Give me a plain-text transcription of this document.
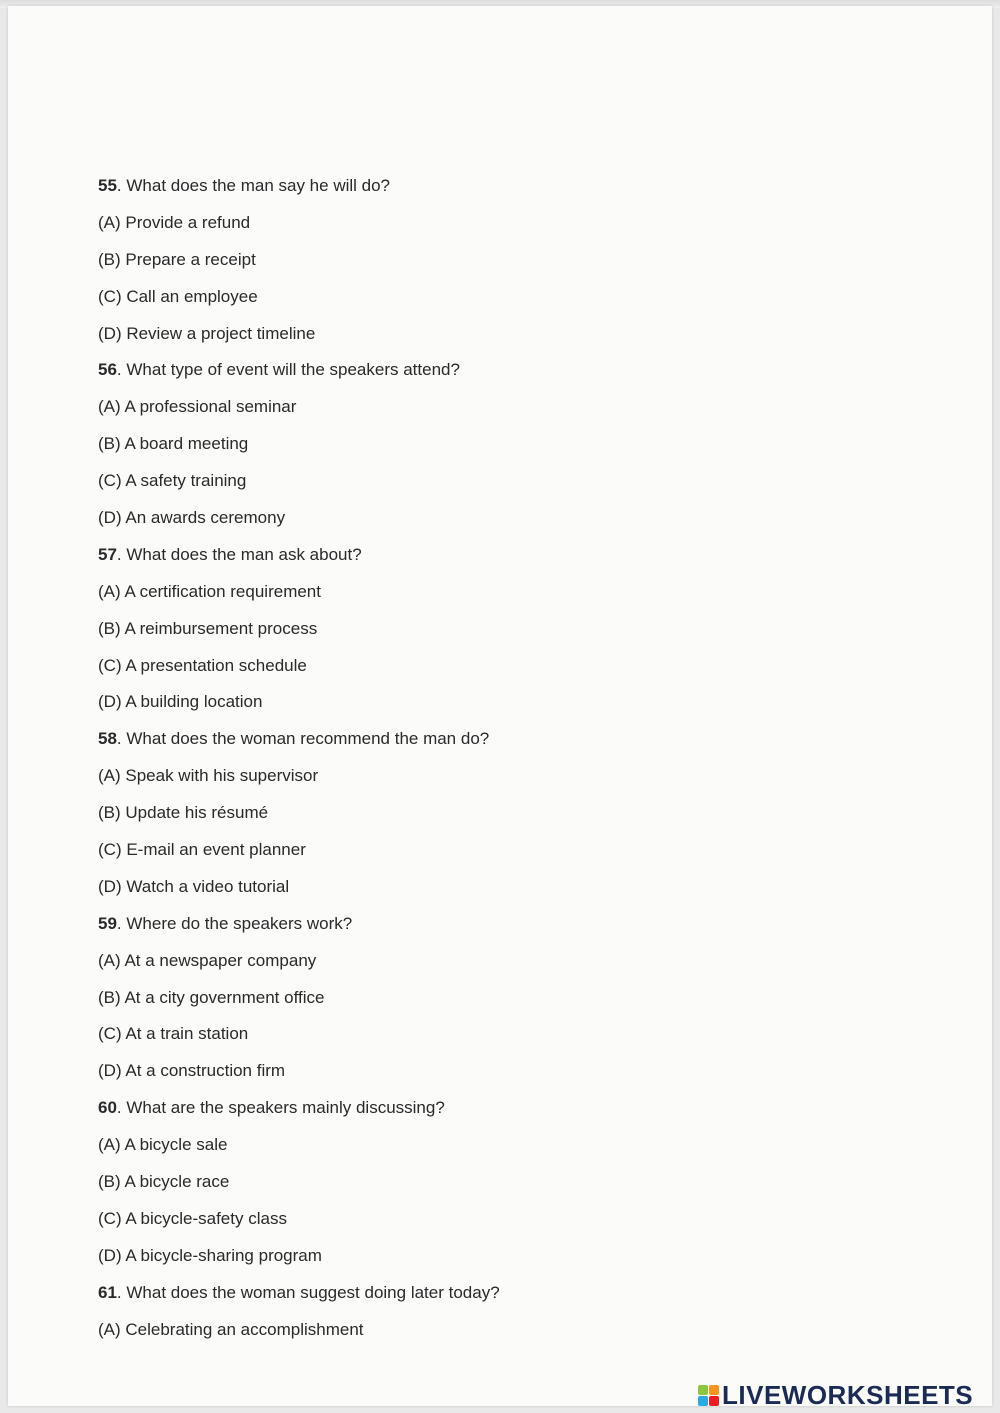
55. What does the man say he will do?
(A) Provide a refund
(B) Prepare a receipt
(C) Call an employee
(D) Review a project timeline
56. What type of event will the speakers attend?
(A) A professional seminar
(B) A board meeting
(C) A safety training
(D) An awards ceremony
57. What does the man ask about?
(A) A certification requirement
(B) A reimbursement process
(C) A presentation schedule
(D) A building location
58. What does the woman recommend the man do?
(A) Speak with his supervisor
(B) Update his résumé
(C) E-mail an event planner
(D) Watch a video tutorial
59. Where do the speakers work?
(A) At a newspaper company
(B) At a city government office
(C) At a train station
(D) At a construction firm
60. What are the speakers mainly discussing?
(A) A bicycle sale
(B) A bicycle race
(C) A bicycle-safety class
(D) A bicycle-sharing program
61. What does the woman suggest doing later today?
(A) Celebrating an accomplishment
LIVEWORKSHEETS
